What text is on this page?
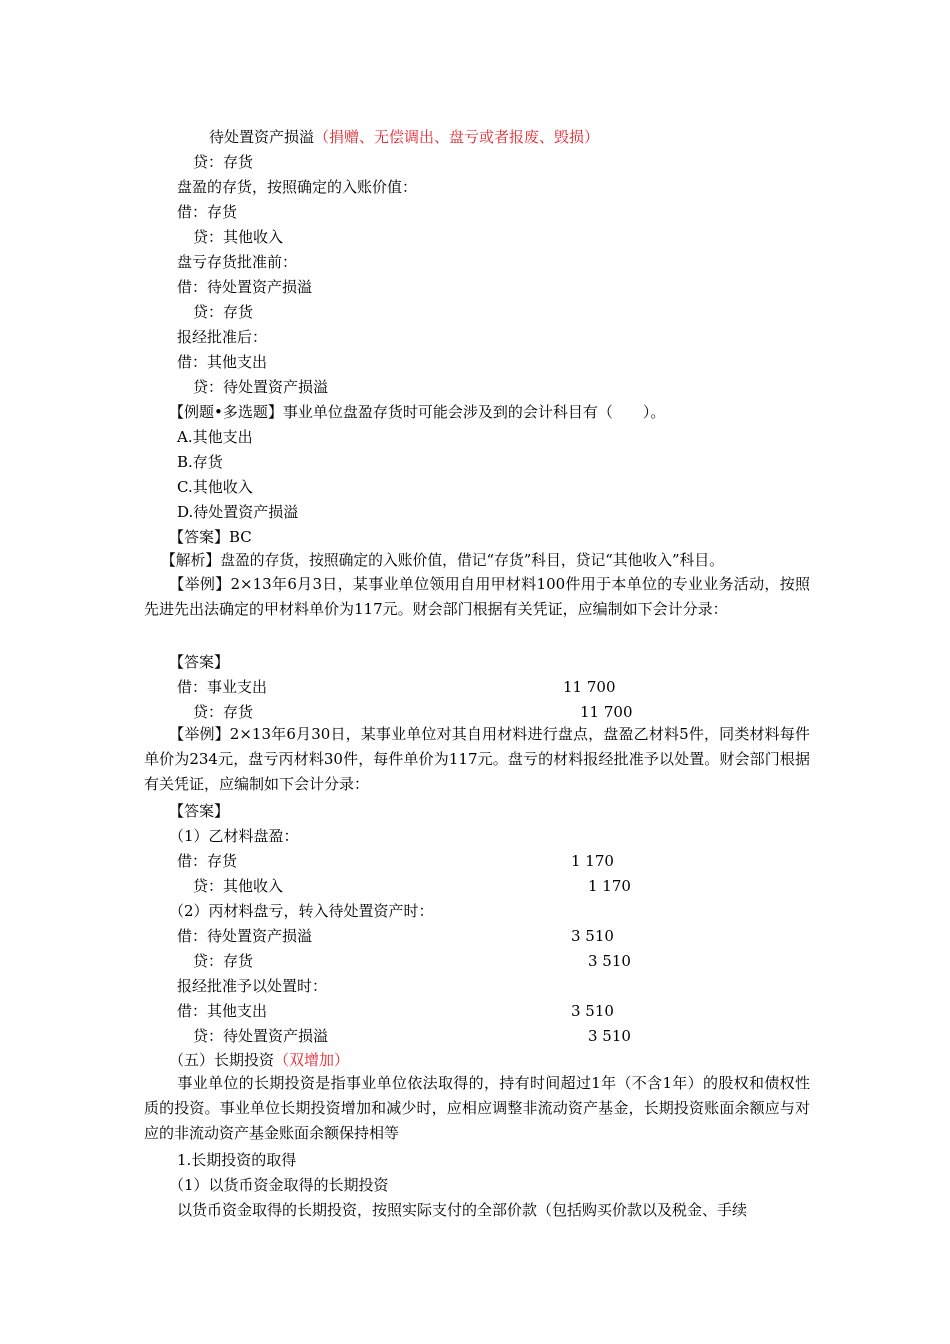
待处置资产损溢（捐赠、无偿调出、盘亏或者报废、毁损）
贷：存货
盘盈的存货，按照确定的入账价值：
借：存货
贷：其他收入
盘亏存货批准前：
借：待处置资产损溢
贷：存货
报经批准后：
借：其他支出
贷：待处置资产损溢
【例题•多选题】事业单位盘盈存货时可能会涉及到的会计科目有（　　）。
A.其他支出
B.存货
C.其他收入
D.待处置资产损溢
【答案】BC
【解析】盘盈的存货，按照确定的入账价值，借记“存货”科目，贷记“其他收入”科目。
【举例】2×13年6月3日，某事业单位领用自用甲材料100件用于本单位的专业业务活动，按照先进先出法确定的甲材料单价为117元。财会部门根据有关凭证，应编制如下会计分录：
【答案】
借：事业支出	11 700
贷：存货	11 700
【举例】2×13年6月30日，某事业单位对其自用材料进行盘点，盘盈乙材料5件，同类材料每件单价为234元，盘亏丙材料30件，每件单价为117元。盘亏的材料报经批准予以处置。财会部门根据有关凭证，应编制如下会计分录：
【答案】
（1）乙材料盘盈：
借：存货	1 170
贷：其他收入	1 170
（2）丙材料盘亏，转入待处置资产时：
借：待处置资产损溢	3 510
贷：存货	3 510
报经批准予以处置时：
借：其他支出	3 510
贷：待处置资产损溢	3 510
（五）长期投资（双增加）
事业单位的长期投资是指事业单位依法取得的，持有时间超过1年（不含1年）的股权和债权性质的投资。事业单位长期投资增加和减少时，应相应调整非流动资产基金，长期投资账面余额应与对应的非流动资产基金账面余额保持相等
1.长期投资的取得
（1）以货币资金取得的长期投资
以货币资金取得的长期投资，按照实际支付的全部价款（包括购买价款以及税金、手续
